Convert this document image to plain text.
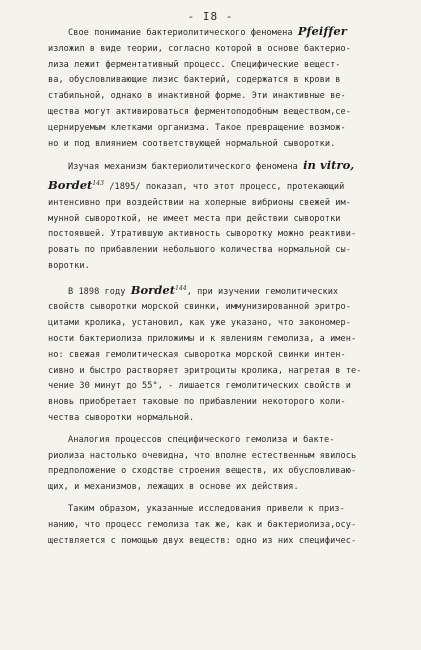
- I8 -
Свое понимание бактериолитического феномена Pfeiffer
изложил в виде теории, согласно которой в основе бактерио-
лиза лежит ферментативный процесс. Специфические вещест-
ва, обусловливающие лизис бактерий, содержатся в крови в
стабильной, однако в инактивной форме. Эти инактивные ве-
щества могут активироваться ферментоподобным веществом,се-
цернируемым клетками организма. Такое превращение возмож-
но и под влиянием соответствующей нормальной сыворотки.
Изучая механизм бактериолитического феномена in vitro,
Bordet$^{143}$ /1895/ показал, что этот процесс, протекающий
интенсивно при воздействии на холерные вибрионы свежей им-
мунной сывороткой, не имеет места при действии сыворотки
постоявшей. Утратившую активность сыворотку можно реактиви-
ровать по прибавлении небольшого количества нормальной сы-
воротки.
В 1898 году Bordet$^{144}$, при изучении гемолитических
свойств сыворотки морской свинки, иммунизированной эритро-
цитами кролика, установил, как уже указано, что закономер-
ности бактериолиза приложимы и к явлениям гемолиза, а имен-
но: свежая гемолитическая сыворотка морской свинки интен-
сивно и быстро растворяет эритроциты кролика, нагретая в те-
чение 30 минут до 55°, - лишается гемолитических свойств и
вновь приобретает таковые по прибавлении некоторого коли-
чества сыворотки нормальной.
Аналогия процессов специфического гемолиза и бакте-
риолиза настолько очевидна, что вполне естественным явилось
предположение о сходстве строения веществ, их обусловливаю-
щих, и механизмов, лежащих в основе их действия.
Таким образом, указанные исследования привели к приз-
нанию, что процесс гемолиза так же, как и бактериолиза,осу-
ществляется с помощью двух веществ: одно из них специфичес-
